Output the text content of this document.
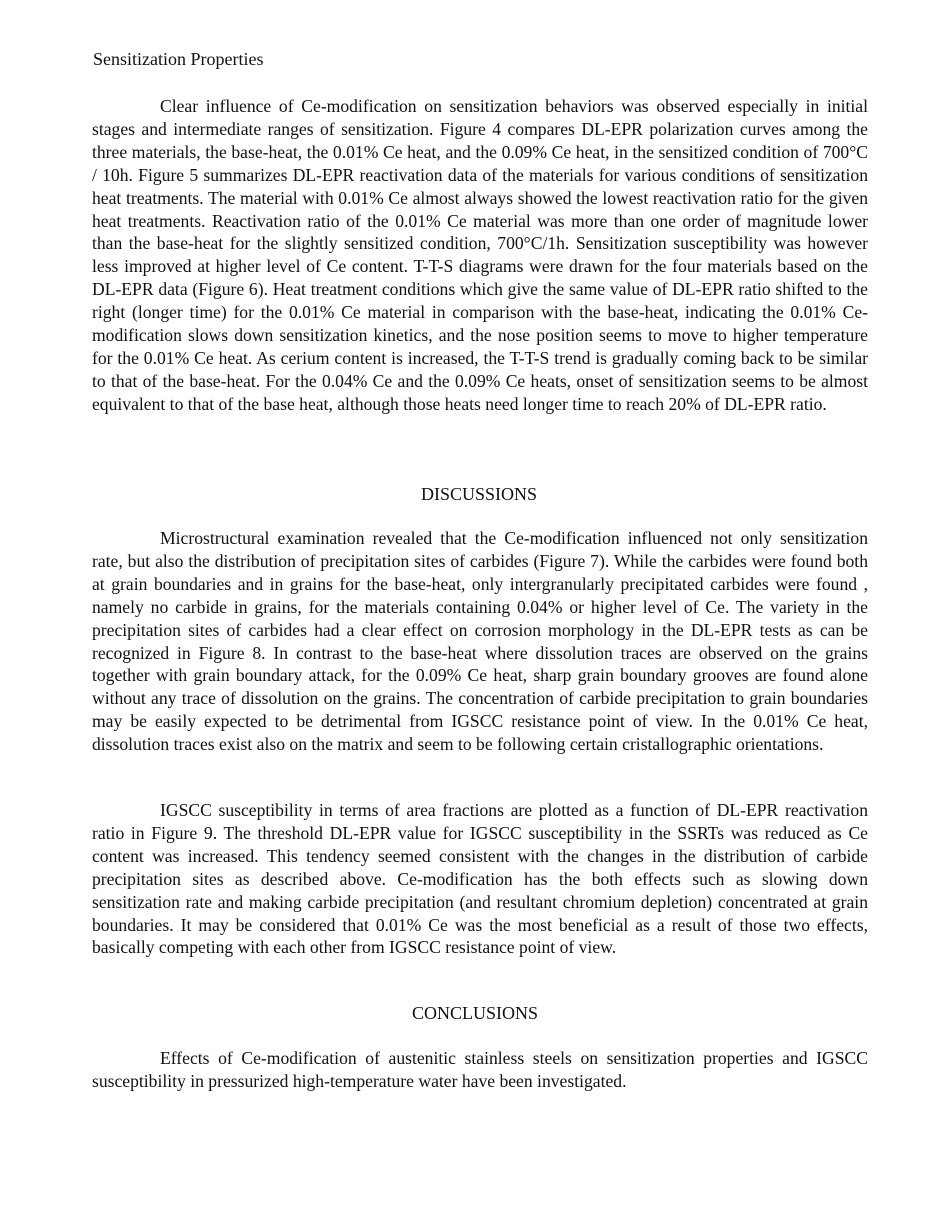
Sensitization Properties

Clear influence of Ce-modification on sensitization behaviors was observed especially in initial stages and intermediate ranges of sensitization. Figure 4 compares DL-EPR polarization curves among the three materials, the base-heat, the 0.01% Ce heat, and the 0.09% Ce heat, in the sensitized condition of 700°C / 10h. Figure 5 summarizes DL-EPR reactivation data of the materials for various conditions of sensitization heat treatments. The material with 0.01% Ce almost always showed the lowest reactivation ratio for the given heat treatments. Reactivation ratio of the 0.01% Ce material was more than one order of magnitude lower than the base-heat for the slightly sensitized condition, 700°C/1h. Sensitization susceptibility was however less improved at higher level of Ce content. T-T-S diagrams were drawn for the four materials based on the DL-EPR data (Figure 6). Heat treatment conditions which give the same value of DL-EPR ratio shifted to the right (longer time) for the 0.01% Ce material in comparison with the base-heat, indicating the 0.01% Ce-modification slows down sensitization kinetics, and the nose position seems to move to higher temperature for the 0.01% Ce heat. As cerium content is increased, the T-T-S trend is gradually coming back to be similar to that of the base-heat. For the 0.04% Ce and the 0.09% Ce heats, onset of sensitization seems to be almost equivalent to that of the base heat, although those heats need longer time to reach 20% of DL-EPR ratio.

DISCUSSIONS

Microstructural examination revealed that the Ce-modification influenced not only sensitization rate, but also the distribution of precipitation sites of carbides (Figure 7). While the carbides were found both at grain boundaries and in grains for the base-heat, only intergranularly precipitated carbides were found , namely no carbide in grains, for the materials containing 0.04% or higher level of Ce. The variety in the precipitation sites of carbides had a clear effect on corrosion morphology in the DL-EPR tests as can be recognized in Figure 8. In contrast to the base-heat where dissolution traces are observed on the grains together with grain boundary attack, for the 0.09% Ce heat, sharp grain boundary grooves are found alone without any trace of dissolution on the grains. The concentration of carbide precipitation to grain boundaries may be easily expected to be detrimental from IGSCC resistance point of view. In the 0.01% Ce heat, dissolution traces exist also on the matrix and seem to be following certain cristallographic orientations.

IGSCC susceptibility in terms of area fractions are plotted as a function of DL-EPR reactivation ratio in Figure 9. The threshold DL-EPR value for IGSCC susceptibility in the SSRTs was reduced as Ce content was increased. This tendency seemed consistent with the changes in the distribution of carbide precipitation sites as described above. Ce-modification has the both effects such as slowing down sensitization rate and making carbide precipitation (and resultant chromium depletion) concentrated at grain boundaries. It may be considered that 0.01% Ce was the most beneficial as a result of those two effects, basically competing with each other from IGSCC resistance point of view.

CONCLUSIONS

Effects of Ce-modification of austenitic stainless steels on sensitization properties and IGSCC susceptibility in pressurized high-temperature water have been investigated.
